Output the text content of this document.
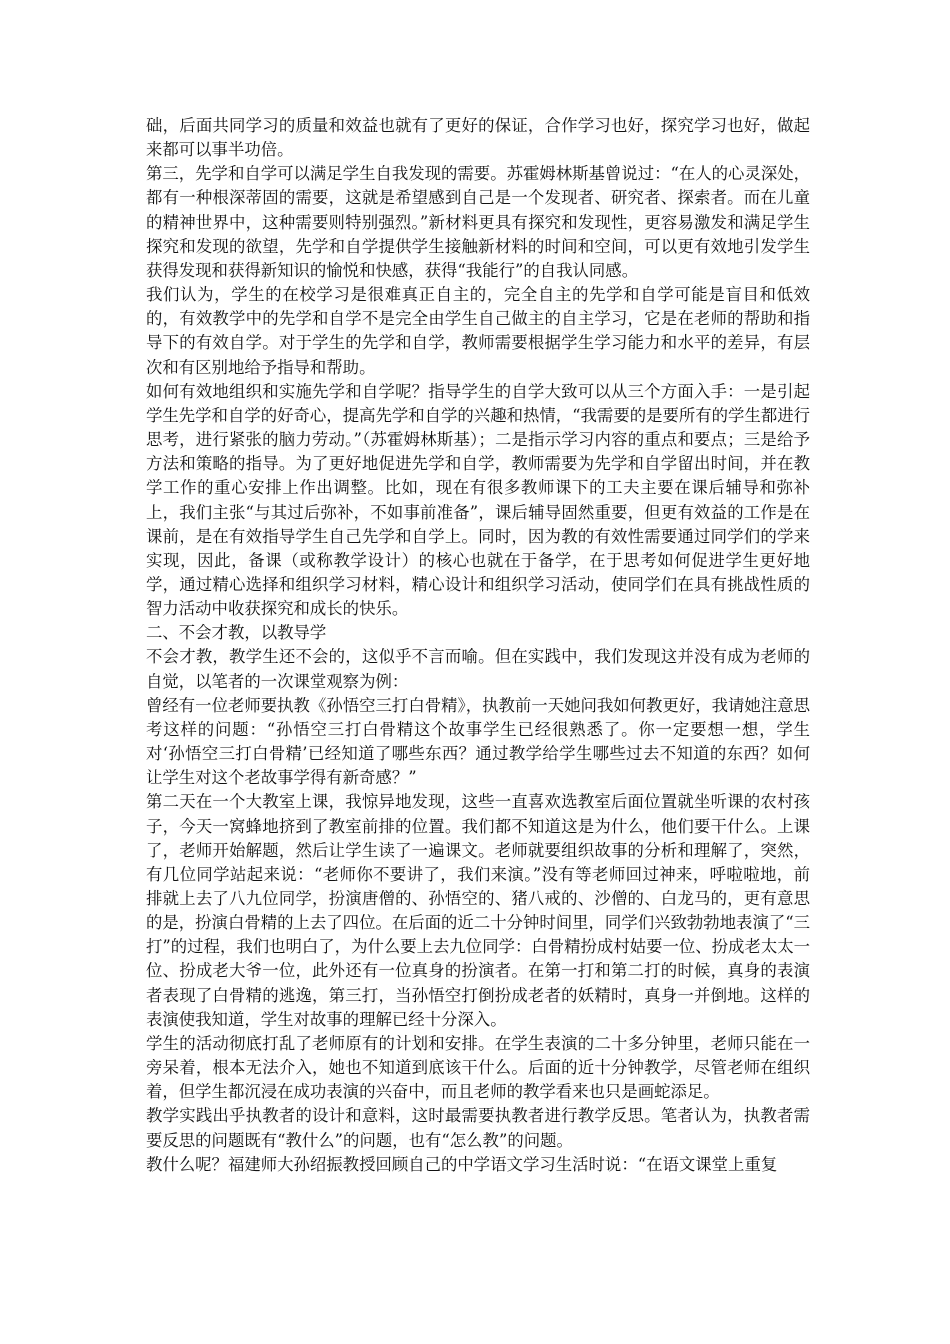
础，后面共同学习的质量和效益也就有了更好的保证，合作学习也好，探究学习也好，做起来都可以事半功倍。

第三，先学和自学可以满足学生自我发现的需要。苏霍姆林斯基曾说过：“在人的心灵深处，都有一种根深蒂固的需要，这就是希望感到自己是一个发现者、研究者、探索者。而在儿童的精神世界中，这种需要则特别强烈。”新材料更具有探究和发现性，更容易激发和满足学生探究和发现的欲望，先学和自学提供学生接触新材料的时间和空间，可以更有效地引发学生获得发现和获得新知识的愉悦和快感，获得“我能行”的自我认同感。

我们认为，学生的在校学习是很难真正自主的，完全自主的先学和自学可能是盲目和低效的，有效教学中的先学和自学不是完全由学生自己做主的自主学习，它是在老师的帮助和指导下的有效自学。对于学生的先学和自学，教师需要根据学生学习能力和水平的差异，有层次和有区别地给予指导和帮助。

如何有效地组织和实施先学和自学呢？指导学生的自学大致可以从三个方面入手：一是引起学生先学和自学的好奇心，提高先学和自学的兴趣和热情，“我需要的是要所有的学生都进行思考，进行紧张的脑力劳动。”（苏霍姆林斯基）；二是指示学习内容的重点和要点；三是给予方法和策略的指导。为了更好地促进先学和自学，教师需要为先学和自学留出时间，并在教学工作的重心安排上作出调整。比如，现在有很多教师课下的工夫主要在课后辅导和弥补上，我们主张“与其过后弥补，不如事前准备”，课后辅导固然重要，但更有效益的工作是在课前，是在有效指导学生自己先学和自学上。同时，因为教的有效性需要通过同学们的学来实现，因此，备课（或称教学设计）的核心也就在于备学，在于思考如何促进学生更好地学，通过精心选择和组织学习材料，精心设计和组织学习活动，使同学们在具有挑战性质的智力活动中收获探究和成长的快乐。

二、不会才教，以教导学

不会才教，教学生还不会的，这似乎不言而喻。但在实践中，我们发现这并没有成为老师的自觉，以笔者的一次课堂观察为例：

曾经有一位老师要执教《孙悟空三打白骨精》，执教前一天她问我如何教更好，我请她注意思考这样的问题：“孙悟空三打白骨精这个故事学生已经很熟悉了。你一定要想一想，学生对‘孙悟空三打白骨精’已经知道了哪些东西？通过教学给学生哪些过去不知道的东西？如何让学生对这个老故事学得有新奇感？”

第二天在一个大教室上课，我惊异地发现，这些一直喜欢选教室后面位置就坐听课的农村孩子，今天一窝蜂地挤到了教室前排的位置。我们都不知道这是为什么，他们要干什么。上课了，老师开始解题，然后让学生读了一遍课文。老师就要组织故事的分析和理解了，突然，有几位同学站起来说：“老师你不要讲了，我们来演。”没有等老师回过神来，呼啦啦地，前排就上去了八九位同学，扮演唐僧的、孙悟空的、猪八戒的、沙僧的、白龙马的，更有意思的是，扮演白骨精的上去了四位。在后面的近二十分钟时间里，同学们兴致勃勃地表演了“三打”的过程，我们也明白了，为什么要上去九位同学：白骨精扮成村姑要一位、扮成老太太一位、扮成老大爷一位，此外还有一位真身的扮演者。在第一打和第二打的时候，真身的表演者表现了白骨精的逃逸，第三打，当孙悟空打倒扮成老者的妖精时，真身一并倒地。这样的表演使我知道，学生对故事的理解已经十分深入。

学生的活动彻底打乱了老师原有的计划和安排。在学生表演的二十多分钟里，老师只能在一旁呆着，根本无法介入，她也不知道到底该干什么。后面的近十分钟教学，尽管老师在组织着，但学生都沉浸在成功表演的兴奋中，而且老师的教学看来也只是画蛇添足。

教学实践出乎执教者的设计和意料，这时最需要执教者进行教学反思。笔者认为，执教者需要反思的问题既有“教什么”的问题，也有“怎么教”的问题。

教什么呢？福建师大孙绍振教授回顾自己的中学语文学习生活时说：“在语文课堂上重复
